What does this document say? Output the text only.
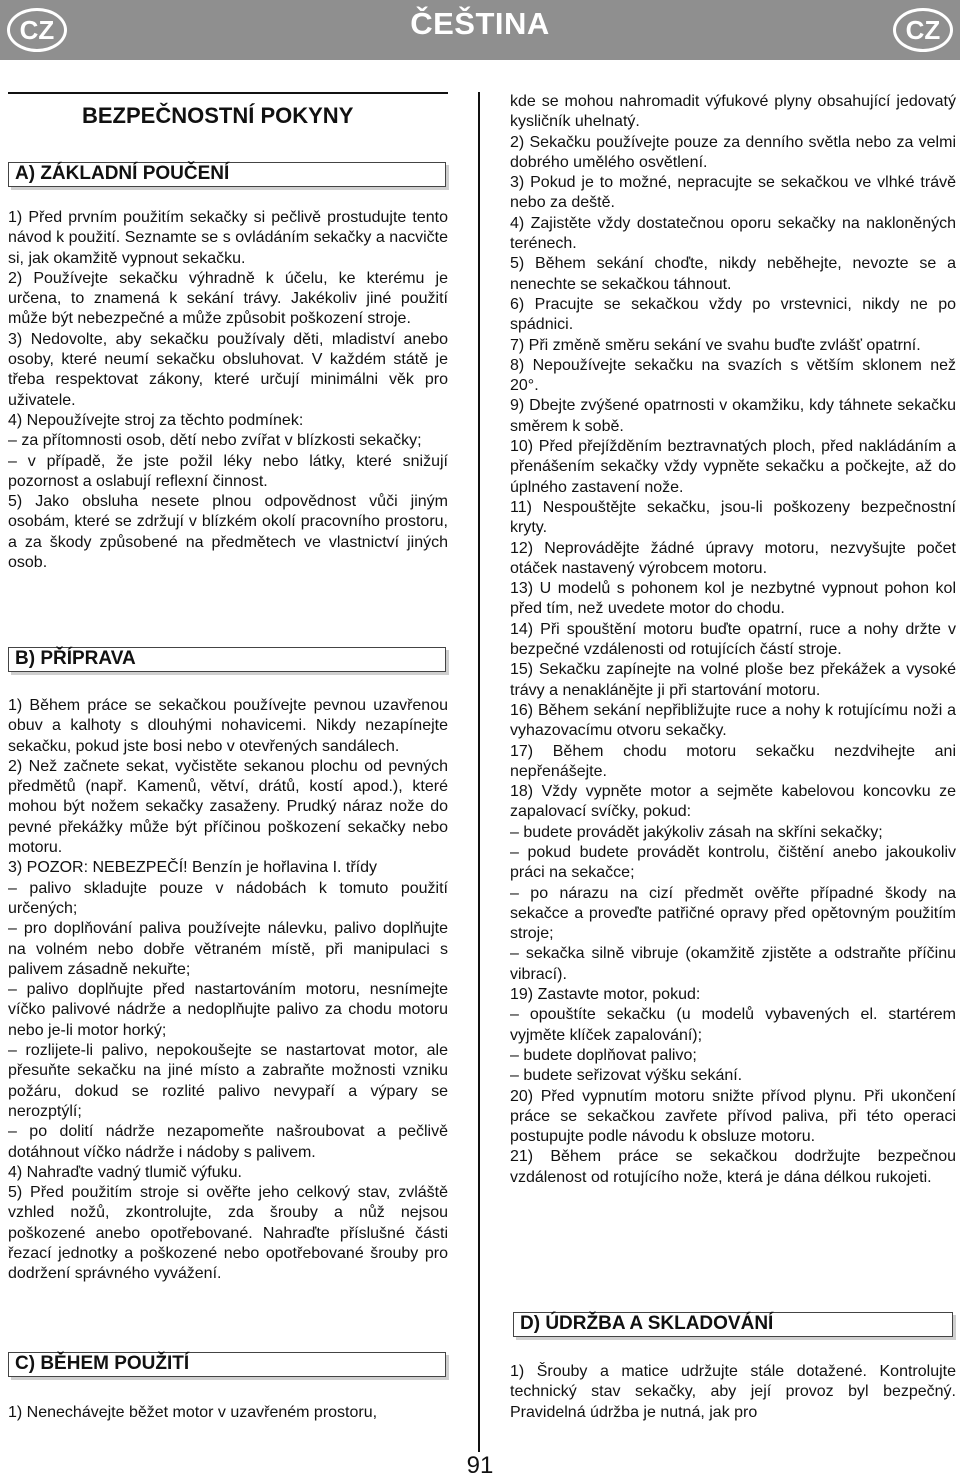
CZ	ČEŠTINA	CZ
BEZPEČNOSTNÍ POKYNY
A) ZÁKLADNÍ POUČENÍ

1) Před prvním použitím sekačky si pečlivě prostudujte tento návod k použití. Seznamte se s ovládáním sekačky a nacvičte si, jak okamžitě vypnout sekačku.

2) Používejte sekačku výhradně k účelu, ke kterému je určena, to znamená k sekání trávy. Jakékoliv jiné použití může být nebezpečné a může způsobit poškození stroje.

3) Nedovolte, aby sekačku používaly děti, mladiství anebo osoby, které neumí sekačku obsluhovat. V každém státě je třeba respektovat zákony, které určují minimálni věk pro uživatele.

4) Nepoužívejte stroj za těchto podmínek:

– za přítomnosti osob, dětí nebo zvířat v blízkosti sekačky;

– v případě, že jste požil léky nebo látky, které snižují pozornost a oslabují reflexní činnost.

5) Jako obsluha nesete plnou odpovědnost vůči jiným osobám, které se zdržují v blízkém okolí pracovního prostoru, a za škody způsobené na předmětech ve vlastnictví jiných osob.

B) PŘÍPRAVA

1) Během práce se sekačkou používejte pevnou uzavřenou obuv a kalhoty s dlouhými nohavicemi. Nikdy nezapínejte sekačku, pokud jste bosi nebo v otevřených sandálech.

2) Než začnete sekat, vyčistěte sekanou plochu od pevných předmětů (např. Kamenů, větví, drátů, kostí apod.), které mohou být nožem sekačky zasaženy. Prudký náraz nože do pevné překážky může být příčinou poškození sekačky nebo motoru.

3) POZOR: NEBEZPEČÍ! Benzín je hořlavina I. třídy

– palivo skladujte pouze v nádobách k tomuto použití určených;

– pro doplňování paliva používejte nálevku, palivo doplňujte na volném nebo dobře větraném místě, při manipulaci s palivem zásadně nekuřte;

– palivo doplňujte před nastartováním motoru, nesnímejte víčko palivové nádrže a nedoplňujte palivo za chodu motoru nebo je-li motor horký;

– rozlijete-li palivo, nepokoušejte se nastartovat motor, ale přesuňte sekačku na jiné místo a zabraňte možnosti vzniku požáru, dokud se rozlité palivo nevypaří a výpary se nerozptýlí;

– po dolití nádrže nezapomeňte našroubovat a pečlivě dotáhnout víčko nádrže i nádoby s palivem.

4) Nahraďte vadný tlumič výfuku.

5) Před použitím stroje si ověřte jeho celkový stav, zvláště vzhled nožů, zkontrolujte, zda šrouby a nůž nejsou poškozené anebo opotřebované. Nahraďte příslušné části řezací jednotky a poškozené nebo opotřebované šrouby pro dodržení správného vyvážení.

C) BĚHEM POUŽITÍ

1) Nenechávejte běžet motor v uzavřeném prostoru,

kde se mohou nahromadit výfukové plyny obsahující jedovatý kysličník uhelnatý.

2) Sekačku používejte pouze za denního světla nebo za velmi dobrého umělého osvětlení.

3) Pokud je to možné, nepracujte se sekačkou ve vlhké trávě nebo za deště.

4) Zajistěte vždy dostatečnou oporu sekačky na nakloněných terénech.

5) Během sekání choďte, nikdy neběhejte, nevozte se a nenechte se sekačkou táhnout.

6) Pracujte se sekačkou vždy po vrstevnici, nikdy ne po spádnici.

7) Při změně směru sekání ve svahu buďte zvlášť opatrní.

8) Nepoužívejte sekačku na svazích s větším sklonem než 20°.

9) Dbejte zvýšené opatrnosti v okamžiku, kdy táhnete sekačku směrem k sobě.

10) Před přejížděním beztravnatých ploch, před nakládáním a přenášením sekačky vždy vypněte sekačku a počkejte, až do úplného zastavení nože.

11) Nespouštějte sekačku, jsou-li poškozeny bezpečnostní kryty.

12) Neprovádějte žádné úpravy motoru, nezvyšujte počet otáček nastavený výrobcem motoru.

13) U modelů s pohonem kol je nezbytné vypnout pohon kol před tím, než uvedete motor do chodu.

14) Při spouštění motoru buďte opatrní, ruce a nohy držte v bezpečné vzdálenosti od rotujících částí stroje.

15) Sekačku zapínejte na volné ploše bez překážek a vysoké trávy a nenaklánějte ji při startování motoru.

16) Během sekání nepřibližujte ruce a nohy k rotujícímu noži a vyhazovacímu otvoru sekačky.

17) Během chodu motoru sekačku nezdvihejte ani nepřenášejte.

18) Vždy vypněte motor a sejměte kabelovou koncovku ze zapalovací svíčky, pokud:

– budete provádět jakýkoliv zásah na skříni sekačky;

– pokud budete provádět kontrolu, čištění anebo jakoukoliv práci na sekačce;

– po nárazu na cizí předmět ověřte případné škody na sekačce a proveďte patřičné opravy před opětovným použitím stroje;

– sekačka silně vibruje (okamžitě zjistěte a odstraňte příčinu vibrací).

19) Zastavte motor, pokud:

– opouštíte sekačku (u modelů vybavených el. startérem vyjměte klíček zapalování);

– budete doplňovat palivo;

– budete seřizovat výšku sekání.

20) Před vypnutím motoru snižte přívod plynu. Při ukončení práce se sekačkou zavřete přívod paliva, při této operaci postupujte podle návodu k obsluze motoru.

21) Během práce se sekačkou dodržujte bezpečnou vzdálenost od rotujícího nože, která je dána délkou rukojeti.

D) ÚDRŽBA A SKLADOVÁNÍ

1) Šrouby a matice udržujte stále dotažené. Kontrolujte technický stav sekačky, aby její provoz byl bezpečný. Pravidelná údržba je nutná, jak pro

91
